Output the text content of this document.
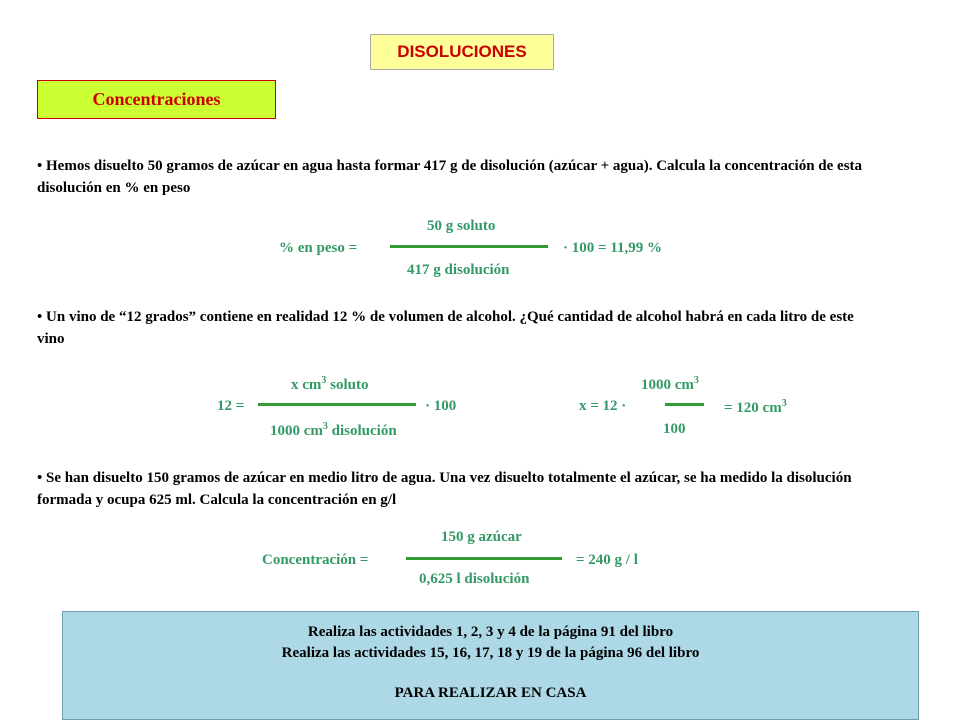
DISOLUCIONES
Concentraciones
• Hemos disuelto 50 gramos de azúcar en agua hasta formar 417 g de disolución (azúcar + agua). Calcula la concentración de esta disolución en % en peso
50 g soluto
% en peso =	· 100 = 11,99 %
417 g disolución
• Un vino de “12 grados” contiene en realidad 12 % de volumen de alcohol. ¿Qué cantidad de alcohol habrá en cada litro de este vino
x $cm^3$ soluto
12 =	· 100
1000 $cm^3$ disolución
1000 $cm^3$
x = 12 ·	= 120 $cm^3$
100
• Se han disuelto 150 gramos de azúcar en medio litro de agua. Una vez disuelto totalmente el azúcar, se ha medido la disolución formada y ocupa 625 ml. Calcula la concentración en g/l
150 g azúcar
Concentración =	= 240 g / l
0,625 l disolución
Realiza las actividades 1, 2, 3 y 4 de la página 91 del libro
Realiza las actividades 15, 16, 17, 18 y 19 de la página 96 del libro
PARA REALIZAR EN CASA
